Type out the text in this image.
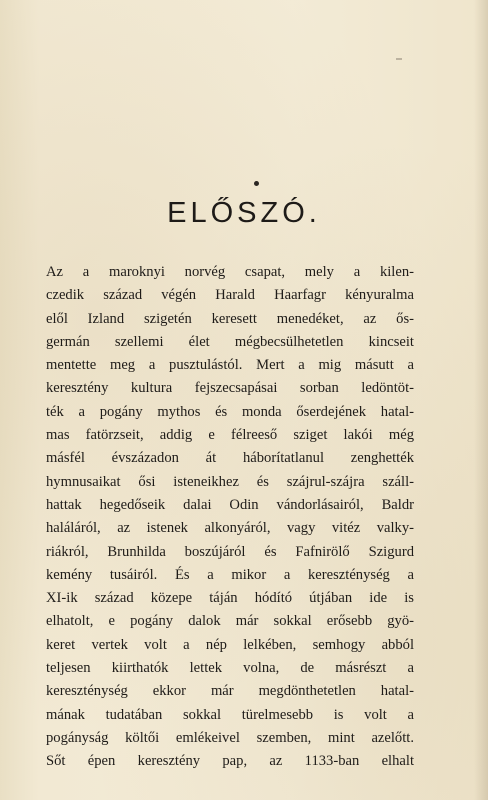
ELŐSZÓ.
Az a maroknyi norvég csapat, mely a kilen-
czedik század végén Harald Haarfagr kényuralma
elől Izland szigetén keresett menedéket, az ős-
germán szellemi élet mégbecsülhetetlen kincseit
mentette meg a pusztulástól. Mert a mig másutt a
keresztény kultura fejszecsapásai sorban ledöntöt-
ték a pogány mythos és monda őserdejének hatal-
mas fatörzseit, addig e félreeső sziget lakói még
másfél évszázadon át háborítatlanul zenghették
hymnusaikat ősi isteneikhez és szájrul-szájra száll-
hattak hegedőseik dalai Odin vándorlásairól, Baldr
haláláról, az istenek alkonyáról, vagy vitéz valky-
riákról, Brunhilda boszújáról és Fafnirölő Szigurd
kemény tusáiról. És a mikor a kereszténység a
XI-ik század közepe táján hódító útjában ide is
elhatolt, e pogány dalok már sokkal erősebb gyö-
keret vertek volt a nép lelkében, semhogy abból
teljesen kiirthatók lettek volna, de másrészt a
kereszténység ekkor már megdönthetetlen hatal-
mának tudatában sokkal türelmesebb is volt a
pogányság költői emlékeivel szemben, mint azelőtt.
Sőt épen keresztény pap, az 1133-ban elhalt
